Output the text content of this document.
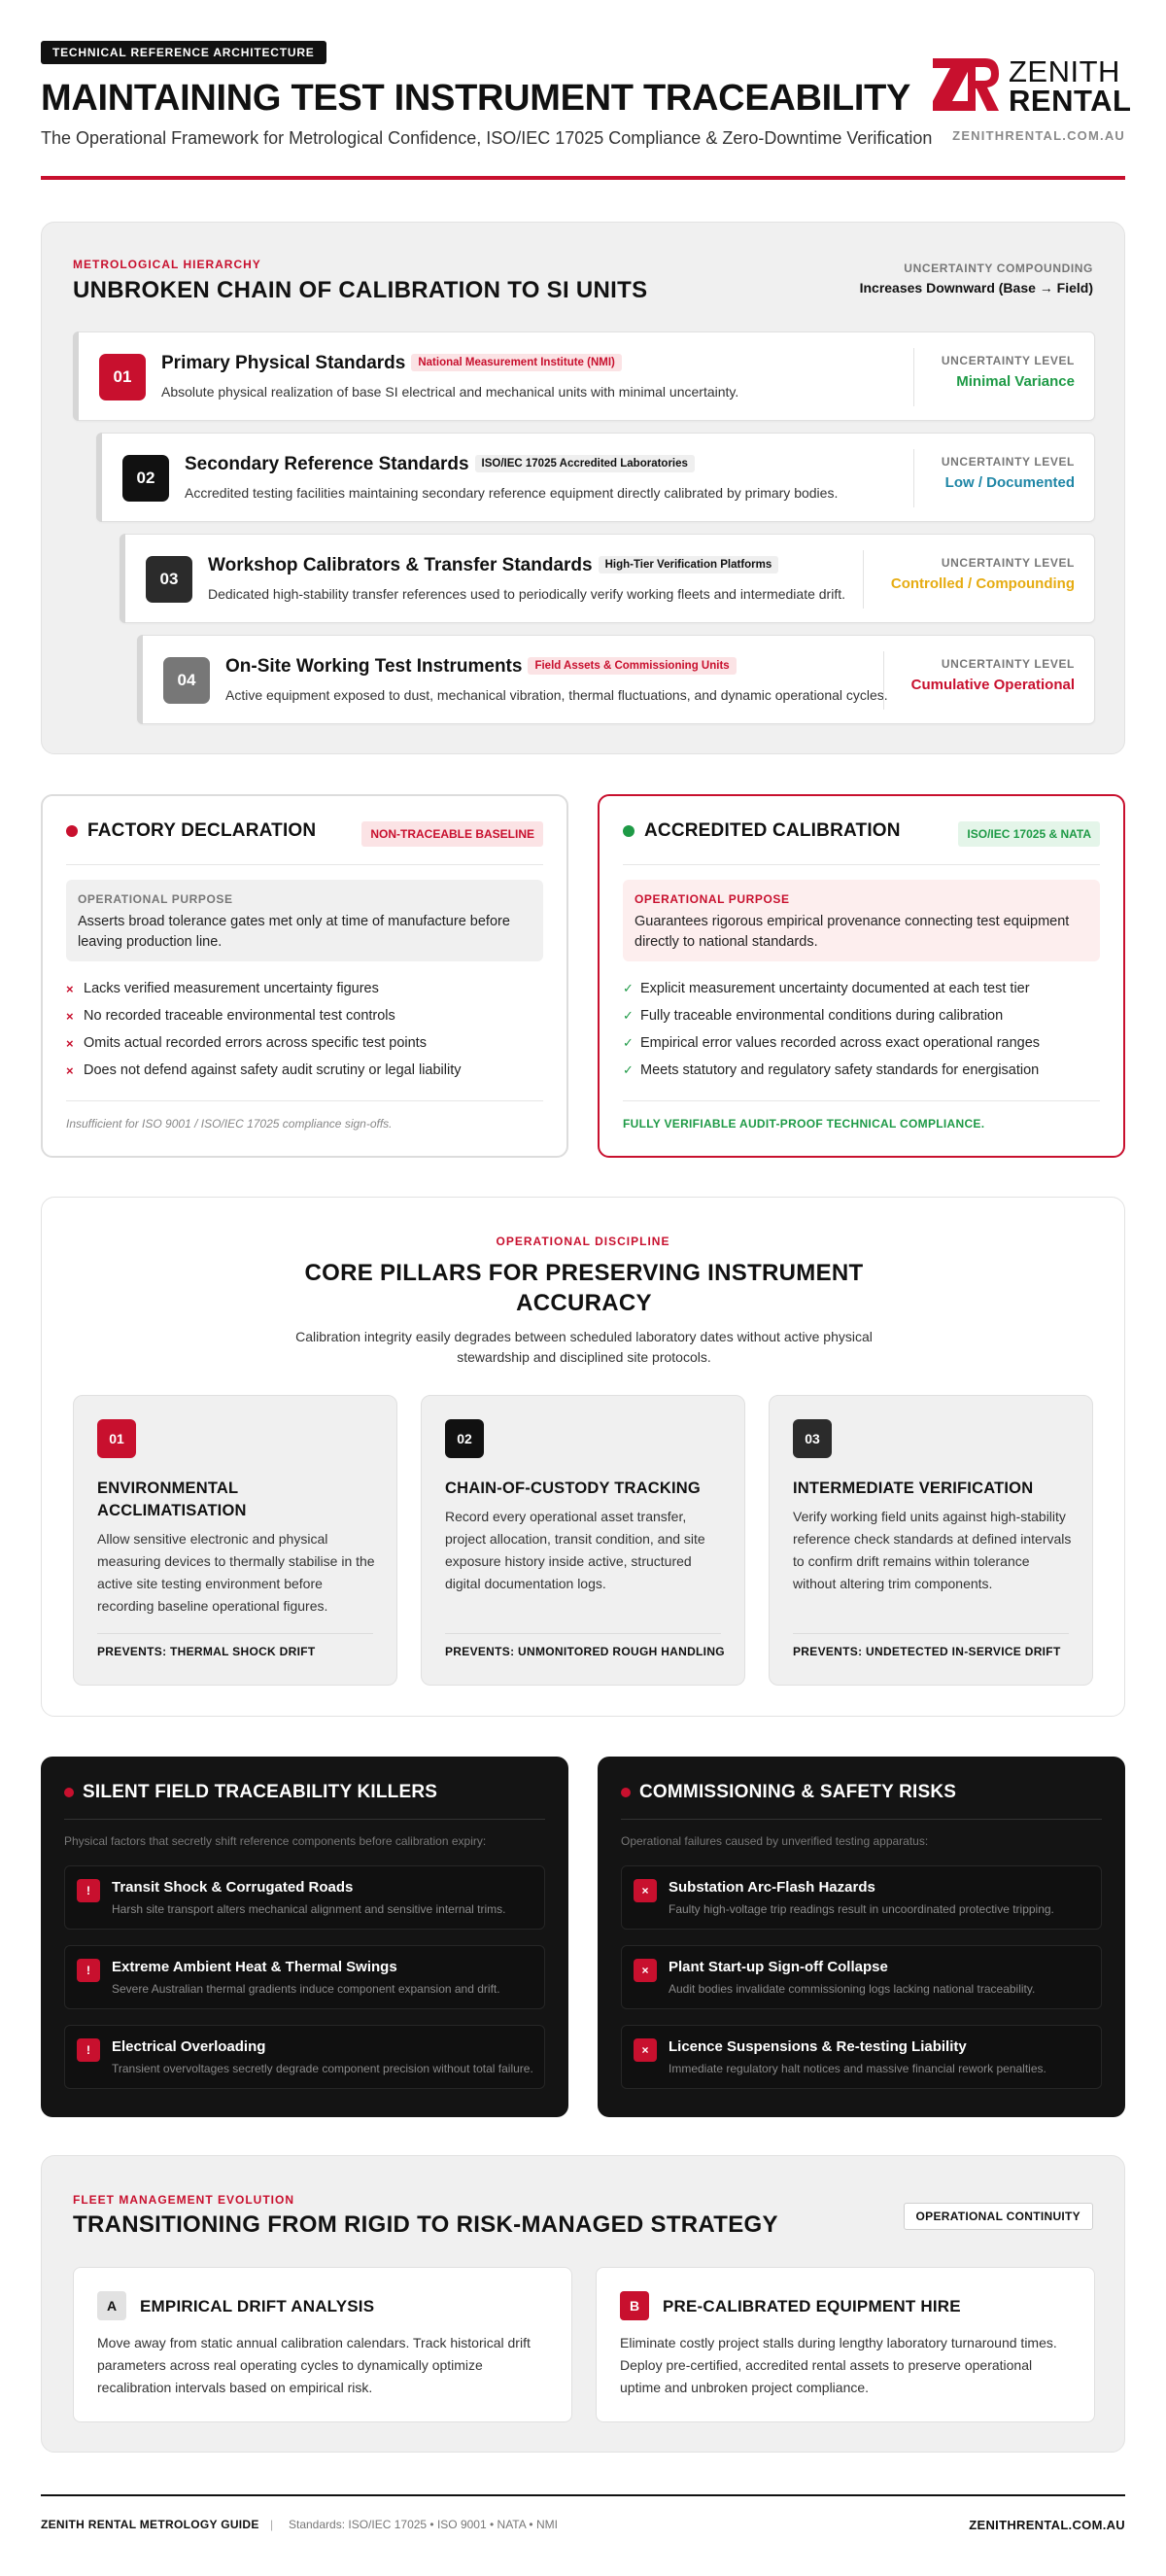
TECHNICAL REFERENCE ARCHITECTURE
MAINTAINING TEST INSTRUMENT TRACEABILITY
The Operational Framework for Metrological Confidence, ISO/IEC 17025 Compliance & Zero-Downtime Verification
ZENITH
RENTAL
ZENITHRENTAL.COM.AU
METROLOGICAL HIERARCHY
UNBROKEN CHAIN OF CALIBRATION TO SI UNITS
UNCERTAINTY COMPOUNDING
Increases Downward (Base → Field)
01
Primary Physical Standards National Measurement Institute (NMI)
Absolute physical realization of base SI electrical and mechanical units with minimal uncertainty.
UNCERTAINTY LEVEL
Minimal Variance
02
Secondary Reference Standards ISO/IEC 17025 Accredited Laboratories
Accredited testing facilities maintaining secondary reference equipment directly calibrated by primary bodies.
UNCERTAINTY LEVEL
Low / Documented
03
Workshop Calibrators & Transfer Standards High-Tier Verification Platforms
Dedicated high-stability transfer references used to periodically verify working fleets and intermediate drift.
UNCERTAINTY LEVEL
Controlled / Compounding
04
On-Site Working Test Instruments Field Assets & Commissioning Units
Active equipment exposed to dust, mechanical vibration, thermal fluctuations, and dynamic operational cycles.
UNCERTAINTY LEVEL
Cumulative Operational
FACTORY DECLARATION	NON-TRACEABLE BASELINE
OPERATIONAL PURPOSE
Asserts broad tolerance gates met only at time of manufacture before leaving production line.
× Lacks verified measurement uncertainty figures
× No recorded traceable environmental test controls
× Omits actual recorded errors across specific test points
× Does not defend against safety audit scrutiny or legal liability
Insufficient for ISO 9001 / ISO/IEC 17025 compliance sign-offs.
ACCREDITED CALIBRATION	ISO/IEC 17025 & NATA
OPERATIONAL PURPOSE
Guarantees rigorous empirical provenance connecting test equipment directly to national standards.
✓ Explicit measurement uncertainty documented at each test tier
✓ Fully traceable environmental conditions during calibration
✓ Empirical error values recorded across exact operational ranges
✓ Meets statutory and regulatory safety standards for energisation
FULLY VERIFIABLE AUDIT-PROOF TECHNICAL COMPLIANCE.
OPERATIONAL DISCIPLINE
CORE PILLARS FOR PRESERVING INSTRUMENT ACCURACY
Calibration integrity easily degrades between scheduled laboratory dates without active physical stewardship and disciplined site protocols.
01
ENVIRONMENTAL ACCLIMATISATION
Allow sensitive electronic and physical measuring devices to thermally stabilise in the active site testing environment before recording baseline operational figures.
PREVENTS: THERMAL SHOCK DRIFT
02
CHAIN-OF-CUSTODY TRACKING
Record every operational asset transfer, project allocation, transit condition, and site exposure history inside active, structured digital documentation logs.
PREVENTS: UNMONITORED ROUGH HANDLING
03
INTERMEDIATE VERIFICATION
Verify working field units against high-stability reference check standards at defined intervals to confirm drift remains within tolerance without altering trim components.
PREVENTS: UNDETECTED IN-SERVICE DRIFT
SILENT FIELD TRACEABILITY KILLERS
Physical factors that secretly shift reference components before calibration expiry:
!	Transit Shock & Corrugated Roads
Harsh site transport alters mechanical alignment and sensitive internal trims.
!	Extreme Ambient Heat & Thermal Swings
Severe Australian thermal gradients induce component expansion and drift.
!	Electrical Overloading
Transient overvoltages secretly degrade component precision without total failure.
COMMISSIONING & SAFETY RISKS
Operational failures caused by unverified testing apparatus:
×	Substation Arc-Flash Hazards
Faulty high-voltage trip readings result in uncoordinated protective tripping.
×	Plant Start-up Sign-off Collapse
Audit bodies invalidate commissioning logs lacking national traceability.
×	Licence Suspensions & Re-testing Liability
Immediate regulatory halt notices and massive financial rework penalties.
FLEET MANAGEMENT EVOLUTION
TRANSITIONING FROM RIGID TO RISK-MANAGED STRATEGY	OPERATIONAL CONTINUITY
A	EMPIRICAL DRIFT ANALYSIS
Move away from static annual calibration calendars. Track historical drift parameters across real operating cycles to dynamically optimize recalibration intervals based on empirical risk.
B	PRE-CALIBRATED EQUIPMENT HIRE
Eliminate costly project stalls during lengthy laboratory turnaround times. Deploy pre-certified, accredited rental assets to preserve operational uptime and unbroken project compliance.
ZENITH RENTAL METROLOGY GUIDE | Standards: ISO/IEC 17025 • ISO 9001 • NATA • NMI	ZENITHRENTAL.COM.AU
